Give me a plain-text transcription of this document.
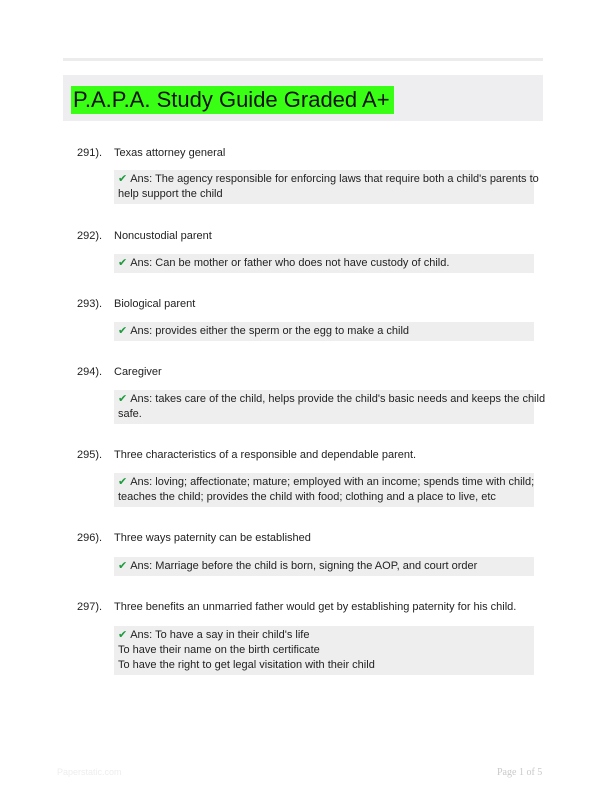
P.A.P.A. Study Guide Graded A+
291). Texas attorney general
✔ Ans: The agency responsible for enforcing laws that require both a child's parents to
help support the child
292). Noncustodial parent
✔ Ans: Can be mother or father who does not have custody of child.
293). Biological parent
✔ Ans: provides either the sperm or the egg to make a child
294). Caregiver
✔ Ans: takes care of the child, helps provide the child's basic needs and keeps the child
safe.
295). Three characteristics of a responsible and dependable parent.
✔ Ans: loving; affectionate; mature; employed with an income; spends time with child;
teaches the child; provides the child with food; clothing and a place to live, etc
296). Three ways paternity can be established
✔ Ans: Marriage before the child is born, signing the AOP, and court order
297). Three benefits an unmarried father would get by establishing paternity for his child.
✔ Ans: To have a say in their child's life
To have their name on the birth certificate
To have the right to get legal visitation with their child
Paperstatic.com	Page 1 of 5
